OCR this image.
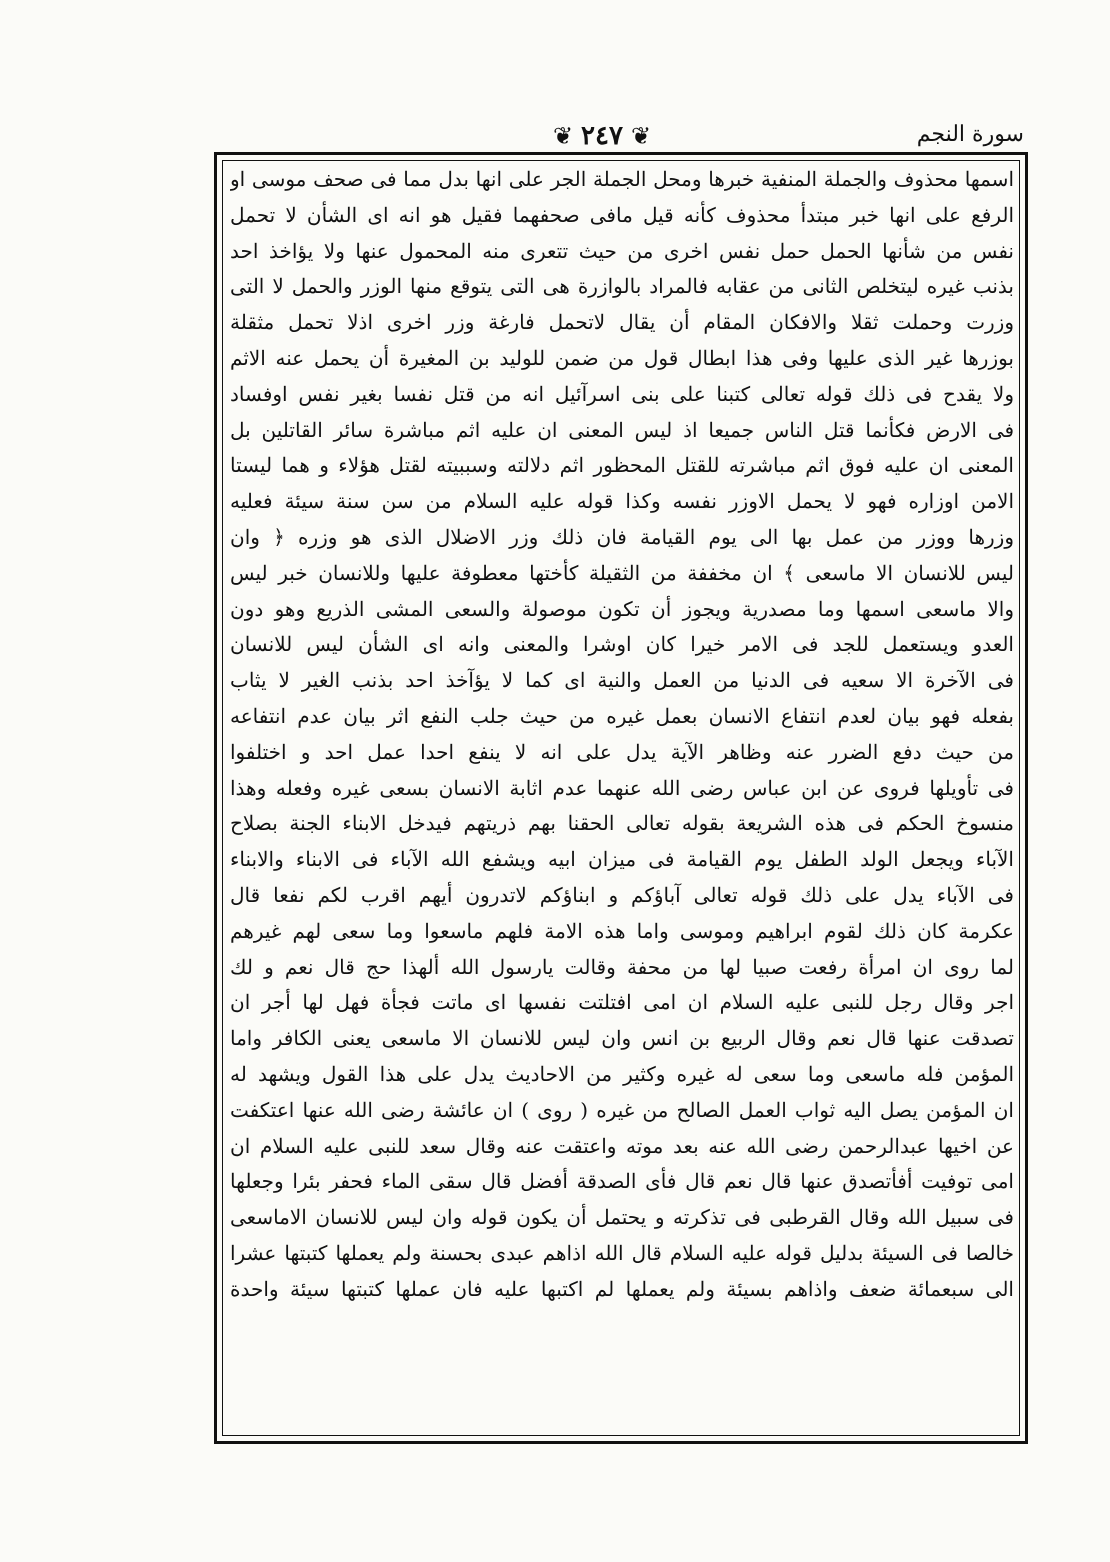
سورة النجم
❦ ٢٤٧ ❦
اسمها محذوف والجملة المنفية خبرها ومحل الجملة الجر على انها بدل مما فى صحف موسى او
الرفع على انها خبر مبتدأ محذوف كأنه قيل مافى صحفهما فقيل هو انه اى الشأن لا تحمل
نفس من شأنها الحمل حمل نفس اخرى من حيث تتعرى منه المحمول عنها ولا يؤاخذ احد
بذنب غيره ليتخلص الثانى من عقابه فالمراد بالوازرة هى التى يتوقع منها الوزر والحمل لا التى
وزرت وحملت ثقلا والافكان المقام أن يقال لاتحمل فارغة وزر اخرى اذلا تحمل مثقلة
بوزرها غير الذى عليها وفى هذا ابطال قول من ضمن للوليد بن المغيرة أن يحمل عنه الاثم
ولا يقدح فى ذلك قوله تعالى كتبنا على بنى اسرآئيل انه من قتل نفسا بغير نفس اوفساد
فى الارض فكأنما قتل الناس جميعا اذ ليس المعنى ان عليه اثم مباشرة سائر القاتلين بل
المعنى ان عليه فوق اثم مباشرته للقتل المحظور اثم دلالته وسببيته لقتل هؤلاء و هما ليستا
الامن اوزاره فهو لا يحمل الاوزر نفسه وكذا قوله عليه السلام من سن سنة سيئة فعليه
وزرها ووزر من عمل بها الى يوم القيامة فان ذلك وزر الاضلال الذى هو وزره ﴿ وان
ليس للانسان الا ماسعى ﴾ ان مخففة من الثقيلة كأختها معطوفة عليها وللانسان خبر ليس
والا ماسعى اسمها وما مصدرية ويجوز أن تكون موصولة والسعى المشى الذريع وهو دون
العدو ويستعمل للجد فى الامر خيرا كان اوشرا والمعنى وانه اى الشأن ليس للانسان
فى الآخرة الا سعيه فى الدنيا من العمل والنية اى كما لا يؤآخذ احد بذنب الغير لا يثاب
بفعله فهو بيان لعدم انتفاع الانسان بعمل غيره من حيث جلب النفع اثر بيان عدم انتفاعه
من حيث دفع الضرر عنه وظاهر الآية يدل على انه لا ينفع احدا عمل احد و اختلفوا
فى تأويلها فروى عن ابن عباس رضى الله عنهما عدم اثابة الانسان بسعى غيره وفعله وهذا
منسوخ الحكم فى هذه الشريعة بقوله تعالى الحقنا بهم ذريتهم فيدخل الابناء الجنة بصلاح
الآباء ويجعل الولد الطفل يوم القيامة فى ميزان ابيه ويشفع الله الآباء فى الابناء والابناء
فى الآباء يدل على ذلك قوله تعالى آباؤكم و ابناؤكم لاتدرون أيهم اقرب لكم نفعا قال
عكرمة كان ذلك لقوم ابراهيم وموسى واما هذه الامة فلهم ماسعوا وما سعى لهم غيرهم
لما روى ان امرأة رفعت صبيا لها من محفة وقالت يارسول الله ألهذا حج قال نعم و لك
اجر وقال رجل للنبى عليه السلام ان امى افتلتت نفسها اى ماتت فجأة فهل لها أجر ان
تصدقت عنها قال نعم وقال الربيع بن انس وان ليس للانسان الا ماسعى يعنى الكافر واما
المؤمن فله ماسعى وما سعى له غيره وكثير من الاحاديث يدل على هذا القول ويشهد له
ان المؤمن يصل اليه ثواب العمل الصالح من غيره ( روى ) ان عائشة رضى الله عنها اعتكفت
عن اخيها عبدالرحمن رضى الله عنه بعد موته واعتقت عنه وقال سعد للنبى عليه السلام ان
امى توفيت أفأتصدق عنها قال نعم قال فأى الصدقة أفضل قال سقى الماء فحفر بئرا وجعلها
فى سبيل الله وقال القرطبى فى تذكرته و يحتمل أن يكون قوله وان ليس للانسان الاماسعى
خالصا فى السيئة بدليل قوله عليه السلام قال الله اذاهم عبدى بحسنة ولم يعملها كتبتها عشرا
الى سبعمائة ضعف واذاهم بسيئة ولم يعملها لم اكتبها عليه فان عملها كتبتها سيئة واحدة
